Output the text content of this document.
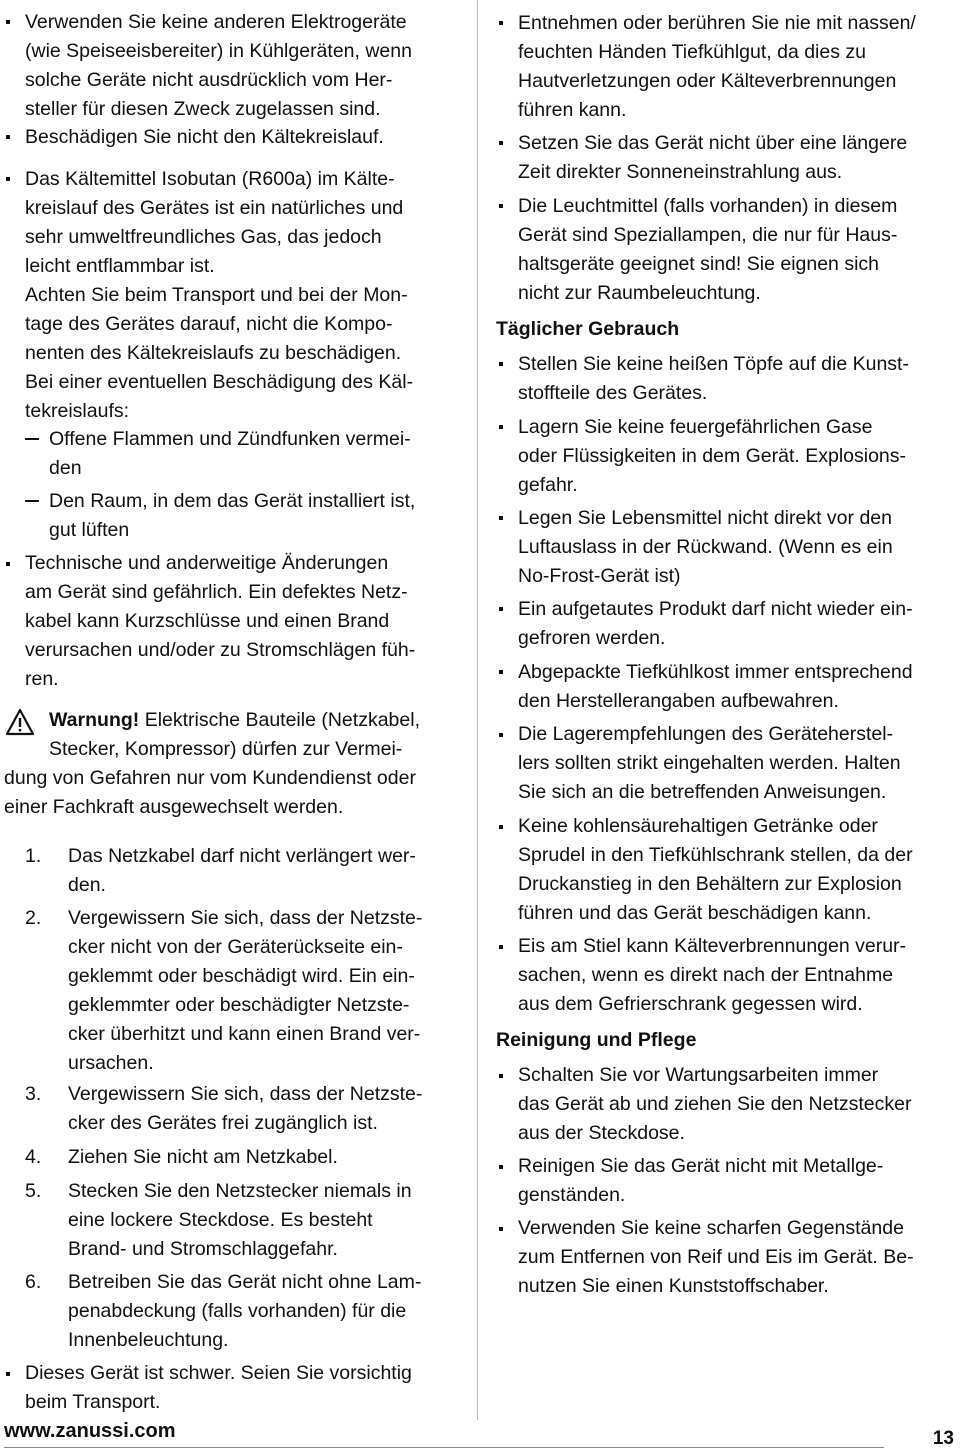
Verwenden Sie keine anderen Elektrogeräte
(wie Speiseeisbereiter) in Kühlgeräten, wenn
solche Geräte nicht ausdrücklich vom Her-
steller für diesen Zweck zugelassen sind.
Beschädigen Sie nicht den Kältekreislauf.
Das Kältemittel Isobutan (R600a) im Kälte-
kreislauf des Gerätes ist ein natürliches und
sehr umweltfreundliches Gas, das jedoch
leicht entflammbar ist.
Achten Sie beim Transport und bei der Mon-
tage des Gerätes darauf, nicht die Kompo-
nenten des Kältekreislaufs zu beschädigen.
Bei einer eventuellen Beschädigung des Käl-
tekreislaufs:
Offene Flammen und Zündfunken vermei-
den
Den Raum, in dem das Gerät installiert ist,
gut lüften
Technische und anderweitige Änderungen
am Gerät sind gefährlich. Ein defektes Netz-
kabel kann Kurzschlüsse und einen Brand
verursachen und/oder zu Stromschlägen füh-
ren.
Warnung! Elektrische Bauteile (Netzkabel,
Stecker, Kompressor) dürfen zur Vermei-
dung von Gefahren nur vom Kundendienst oder
einer Fachkraft ausgewechselt werden.
1. Das Netzkabel darf nicht verlängert wer-
den.
2. Vergewissern Sie sich, dass der Netzste-
cker nicht von der Geräterückseite ein-
geklemmt oder beschädigt wird. Ein ein-
geklemmter oder beschädigter Netzste-
cker überhitzt und kann einen Brand ver-
ursachen.
3. Vergewissern Sie sich, dass der Netzste-
cker des Gerätes frei zugänglich ist.
4. Ziehen Sie nicht am Netzkabel.
5. Stecken Sie den Netzstecker niemals in
eine lockere Steckdose. Es besteht
Brand- und Stromschlaggefahr.
6. Betreiben Sie das Gerät nicht ohne Lam-
penabdeckung (falls vorhanden) für die
Innenbeleuchtung.
Dieses Gerät ist schwer. Seien Sie vorsichtig
beim Transport.
Entnehmen oder berühren Sie nie mit nassen/
feuchten Händen Tiefkühlgut, da dies zu
Hautverletzungen oder Kälteverbrennungen
führen kann.
Setzen Sie das Gerät nicht über eine längere
Zeit direkter Sonneneinstrahlung aus.
Die Leuchtmittel (falls vorhanden) in diesem
Gerät sind Speziallampen, die nur für Haus-
haltsgeräte geeignet sind! Sie eignen sich
nicht zur Raumbeleuchtung.
Täglicher Gebrauch
Stellen Sie keine heißen Töpfe auf die Kunst-
stoffteile des Gerätes.
Lagern Sie keine feuergefährlichen Gase
oder Flüssigkeiten in dem Gerät. Explosions-
gefahr.
Legen Sie Lebensmittel nicht direkt vor den
Luftauslass in der Rückwand. (Wenn es ein
No-Frost-Gerät ist)
Ein aufgetautes Produkt darf nicht wieder ein-
gefroren werden.
Abgepackte Tiefkühlkost immer entsprechend
den Herstellerangaben aufbewahren.
Die Lagerempfehlungen des Geräteherstel-
lers sollten strikt eingehalten werden. Halten
Sie sich an die betreffenden Anweisungen.
Keine kohlensäurehaltigen Getränke oder
Sprudel in den Tiefkühlschrank stellen, da der
Druckanstieg in den Behältern zur Explosion
führen und das Gerät beschädigen kann.
Eis am Stiel kann Kälteverbrennungen verur-
sachen, wenn es direkt nach der Entnahme
aus dem Gefrierschrank gegessen wird.
Reinigung und Pflege
Schalten Sie vor Wartungsarbeiten immer
das Gerät ab und ziehen Sie den Netzstecker
aus der Steckdose.
Reinigen Sie das Gerät nicht mit Metallge-
genständen.
Verwenden Sie keine scharfen Gegenstände
zum Entfernen von Reif und Eis im Gerät. Be-
nutzen Sie einen Kunststoffschaber.
www.zanussi.com	13
